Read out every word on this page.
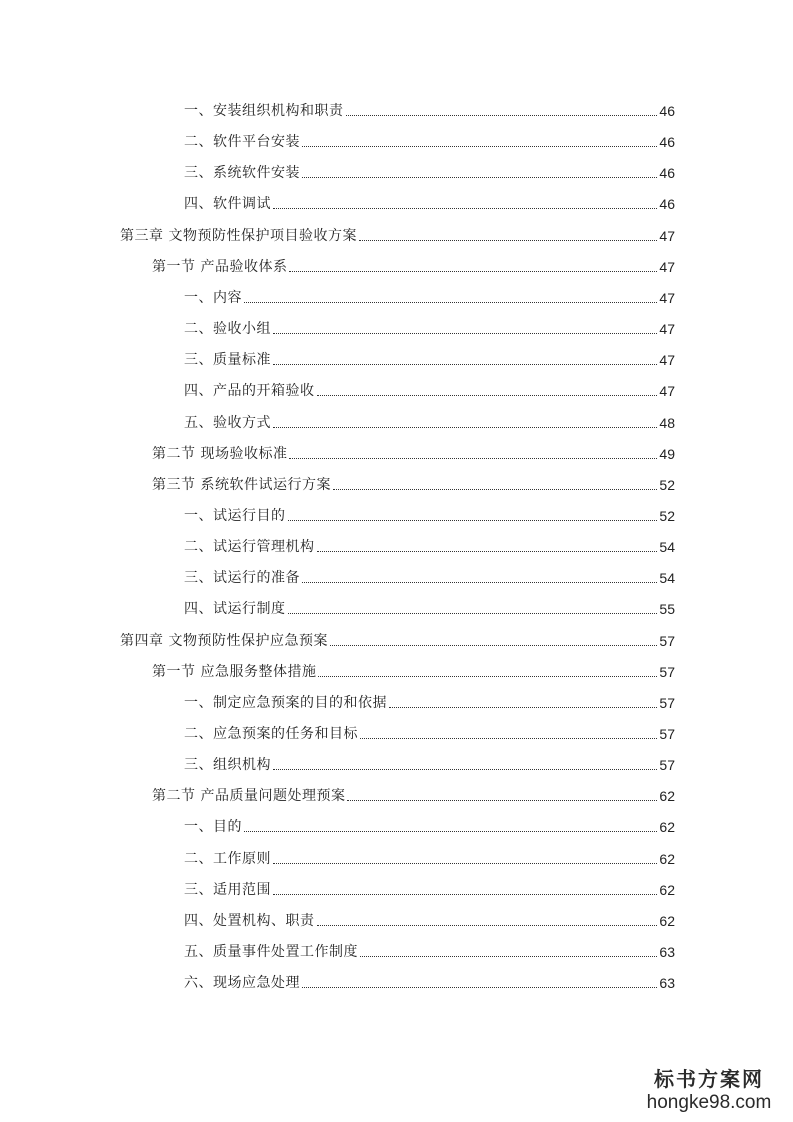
一、安装组织机构和职责	46
二、软件平台安装	46
三、系统软件安装	46
四、软件调试	46
第三章 文物预防性保护项目验收方案	47
第一节 产品验收体系	47
一、内容	47
二、验收小组	47
三、质量标准	47
四、产品的开箱验收	47
五、验收方式	48
第二节 现场验收标准	49
第三节 系统软件试运行方案	52
一、试运行目的	52
二、试运行管理机构	54
三、试运行的准备	54
四、试运行制度	55
第四章 文物预防性保护应急预案	57
第一节 应急服务整体措施	57
一、制定应急预案的目的和依据	57
二、应急预案的任务和目标	57
三、组织机构	57
第二节 产品质量问题处理预案	62
一、目的	62
二、工作原则	62
三、适用范围	62
四、处置机构、职责	62
五、质量事件处置工作制度	63
六、现场应急处理	63
标书方案网
hongke98.com
